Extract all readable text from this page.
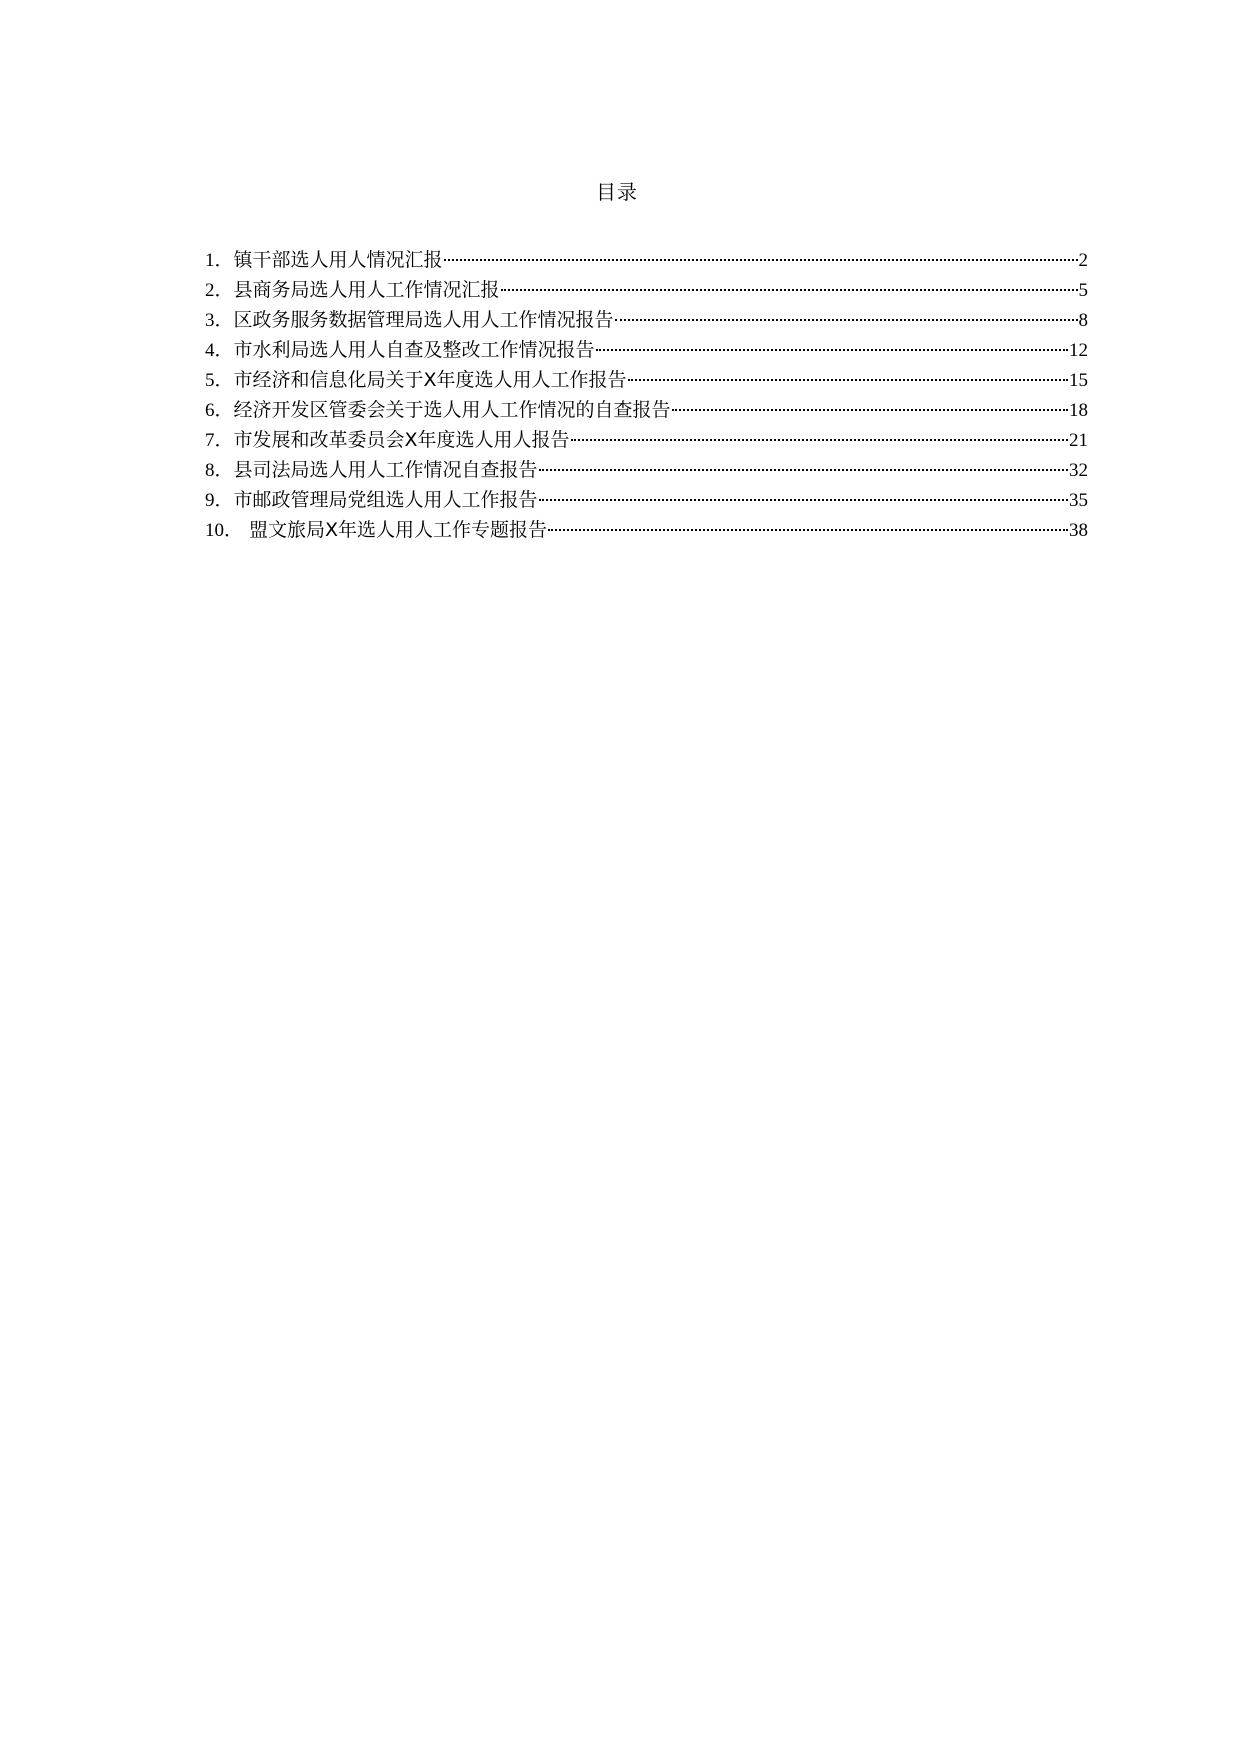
目录
1． 镇干部选人用人情况汇报	2
2． 县商务局选人用人工作情况汇报	5
3． 区政务服务数据管理局选人用人工作情况报告	8
4． 市水利局选人用人自查及整改工作情况报告	12
5． 市经济和信息化局关于X年度选人用人工作报告	15
6． 经济开发区管委会关于选人用人工作情况的自查报告	18
7． 市发展和改革委员会X年度选人用人报告	21
8． 县司法局选人用人工作情况自查报告	32
9． 市邮政管理局党组选人用人工作报告	35
10． 盟文旅局X年选人用人工作专题报告	38
